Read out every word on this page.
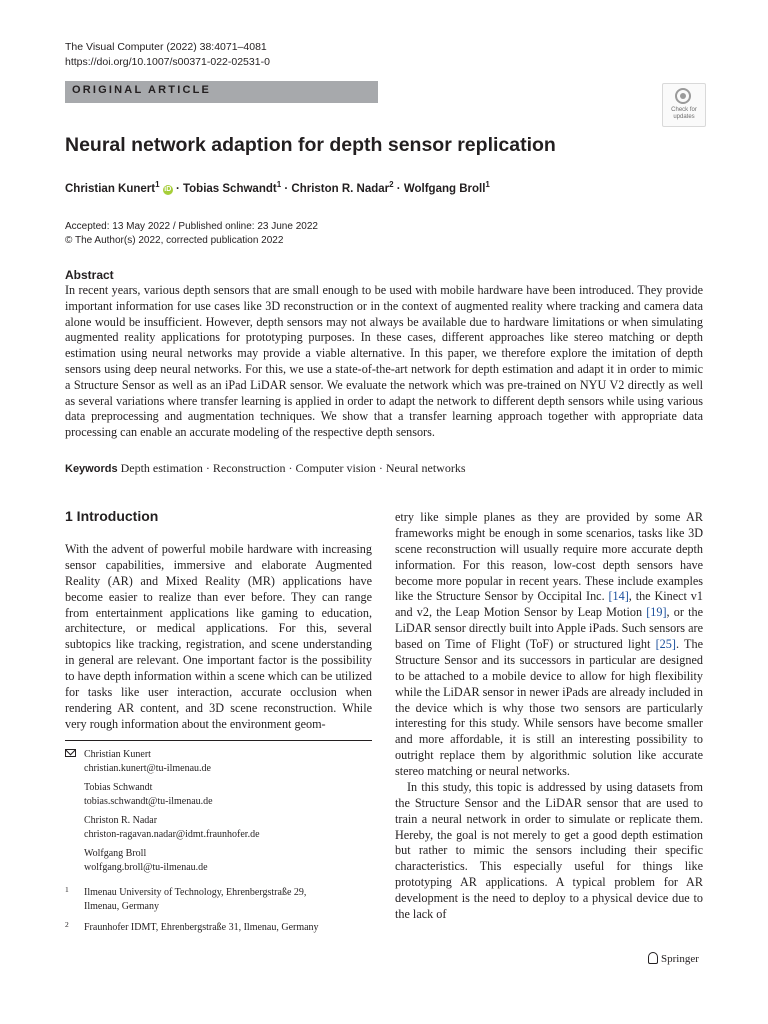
The Visual Computer (2022) 38:4071–4081
https://doi.org/10.1007/s00371-022-02531-0
ORIGINAL ARTICLE
Check for
updates
Neural network adaption for depth sensor replication
Christian Kunert$^1$ iD · Tobias Schwandt$^1$ · Christon R. Nadar$^2$ · Wolfgang Broll$^1$
Accepted: 13 May 2022 / Published online: 23 June 2022
© The Author(s) 2022, corrected publication 2022
Abstract
In recent years, various depth sensors that are small enough to be used with mobile hardware have been introduced. They provide important information for use cases like 3D reconstruction or in the context of augmented reality where tracking and camera data alone would be insufficient. However, depth sensors may not always be available due to hardware limitations or when simulating augmented reality applications for prototyping purposes. In these cases, different approaches like stereo matching or depth estimation using neural networks may provide a viable alternative. In this paper, we therefore explore the imitation of depth sensors using deep neural networks. For this, we use a state-of-the-art network for depth estimation and adapt it in order to mimic a Structure Sensor as well as an iPad LiDAR sensor. We evaluate the network which was pre-trained on NYU V2 directly as well as several variations where transfer learning is applied in order to adapt the network to different depth sensors while using various data preprocessing and augmentation techniques. We show that a transfer learning approach together with appropriate data processing can enable an accurate modeling of the respective depth sensors.
Keywords Depth estimation · Reconstruction · Computer vision · Neural networks
1 Introduction

With the advent of powerful mobile hardware with increasing sensor capabilities, immersive and elaborate Augmented Reality (AR) and Mixed Reality (MR) applications have become easier to realize than ever before. They can range from entertainment applications like gaming to education, architecture, or medical applications. For this, several subtopics like tracking, registration, and scene understanding in general are relevant. One important factor is the possibility to have depth information within a scene which can be utilized for tasks like user interaction, accurate occlusion when rendering AR content, and 3D scene reconstruction. While very rough information about the environment geom-

etry like simple planes as they are provided by some AR frameworks might be enough in some scenarios, tasks like 3D scene reconstruction will usually require more accurate depth information. For this reason, low-cost depth sensors have become more popular in recent years. These include examples like the Structure Sensor by Occipital Inc. [14], the Kinect v1 and v2, the Leap Motion Sensor by Leap Motion [19], or the LiDAR sensor directly built into Apple iPads. Such sensors are based on Time of Flight (ToF) or structured light [25]. The Structure Sensor and its successors in particular are designed to be attached to a mobile device to allow for high flexibility while the LiDAR sensor in newer iPads are already included in the device which is why those two sensors are particularly interesting for this study. While sensors have become smaller and more affordable, it is still an interesting possibility to outright replace them by algorithmic solution like accurate stereo matching or neural networks.

In this study, this topic is addressed by using datasets from the Structure Sensor and the LiDAR sensor that are used to train a neural network in order to simulate or replicate them. Hereby, the goal is not merely to get a good depth estimation but rather to mimic the sensors including their specific characteristics. This especially useful for things like prototyping AR applications. A typical problem for AR development is the need to deploy to a physical device due to the lack of

Christian Kunert
christian.kunert@tu-ilmenau.de
Tobias Schwandt
tobias.schwandt@tu-ilmenau.de
Christon R. Nadar
christon-ragavan.nadar@idmt.fraunhofer.de
Wolfgang Broll
wolfgang.broll@tu-ilmenau.de
1 Ilmenau University of Technology, Ehrenbergstraße 29,
Ilmenau, Germany
2 Fraunhofer IDMT, Ehrenbergstraße 31, Ilmenau, Germany
Springer
